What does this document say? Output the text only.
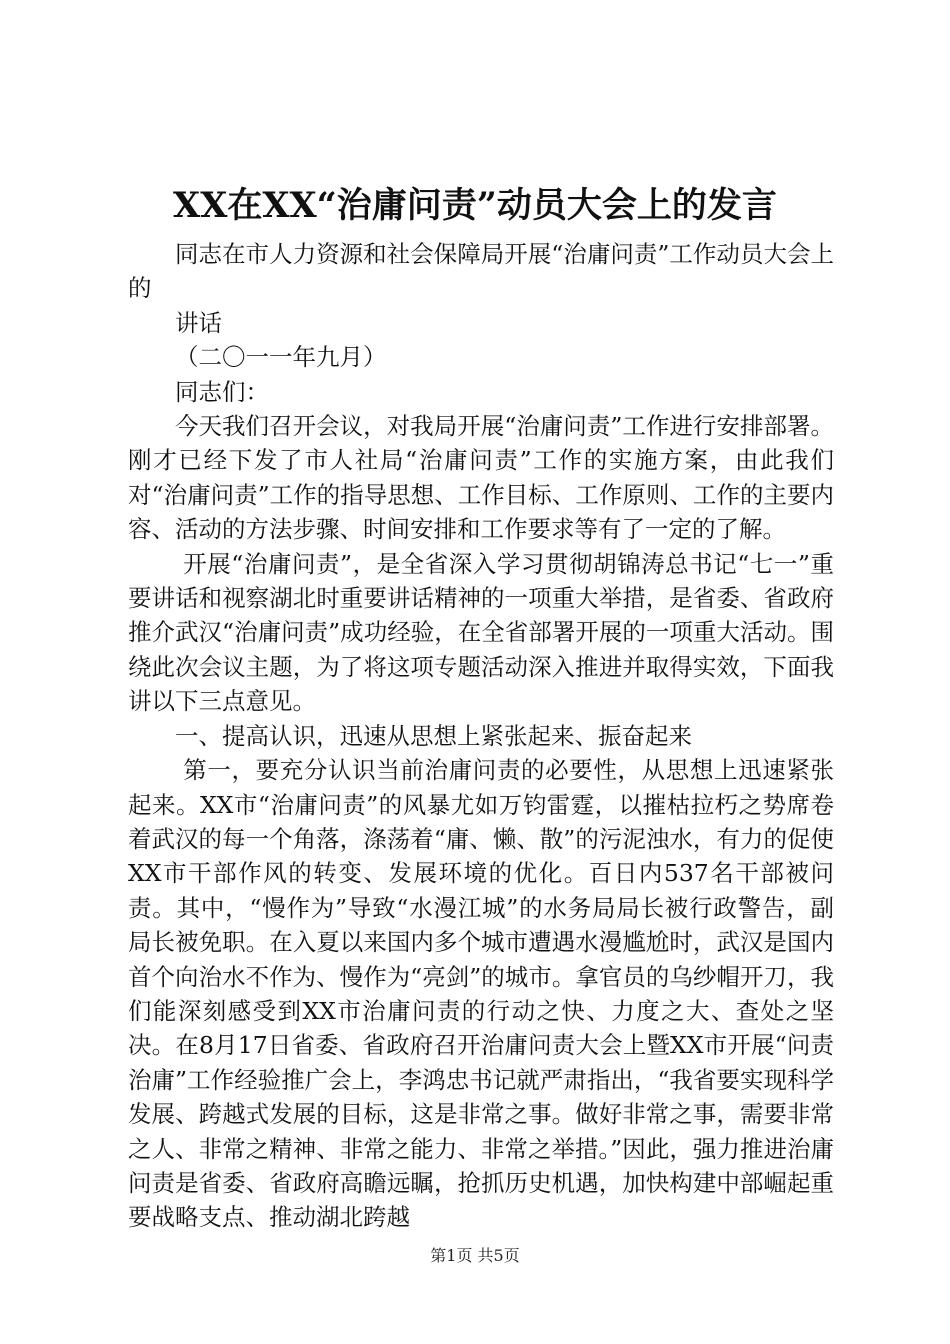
XX在XX“治庸问责”动员大会上的发言

同志在市人力资源和社会保障局开展“治庸问责”工作动员大会上的

讲话

（二〇一一年九月）

同志们：

今天我们召开会议，对我局开展“治庸问责”工作进行安排部署。刚才已经下发了市人社局“治庸问责”工作的实施方案，由此我们对“治庸问责”工作的指导思想、工作目标、工作原则、工作的主要内容、活动的方法步骤、时间安排和工作要求等有了一定的了解。

开展“治庸问责”，是全省深入学习贯彻胡锦涛总书记“七一”重要讲话和视察湖北时重要讲话精神的一项重大举措，是省委、省政府推介武汉“治庸问责”成功经验，在全省部署开展的一项重大活动。围绕此次会议主题，为了将这项专题活动深入推进并取得实效，下面我讲以下三点意见。

一、提高认识，迅速从思想上紧张起来、振奋起来

第一，要充分认识当前治庸问责的必要性，从思想上迅速紧张起来。XX市“治庸问责”的风暴尤如万钧雷霆，以摧枯拉朽之势席卷着武汉的每一个角落，涤荡着“庸、懒、散”的污泥浊水，有力的促使XX市干部作风的转变、发展环境的优化。百日内537名干部被问责。其中，“慢作为”导致“水漫江城”的水务局局长被行政警告，副局长被免职。在入夏以来国内多个城市遭遇水漫尴尬时，武汉是国内首个向治水不作为、慢作为“亮剑”的城市。拿官员的乌纱帽开刀，我们能深刻感受到XX市治庸问责的行动之快、力度之大、查处之坚决。在8月17日省委、省政府召开治庸问责大会上暨XX市开展“问责治庸”工作经验推广会上，李鸿忠书记就严肃指出，“我省要实现科学发展、跨越式发展的目标，这是非常之事。做好非常之事，需要非常之人、非常之精神、非常之能力、非常之举措。”因此，强力推进治庸问责是省委、省政府高瞻远瞩，抢抓历史机遇，加快构建中部崛起重要战略支点、推动湖北跨越

第1页 共5页
